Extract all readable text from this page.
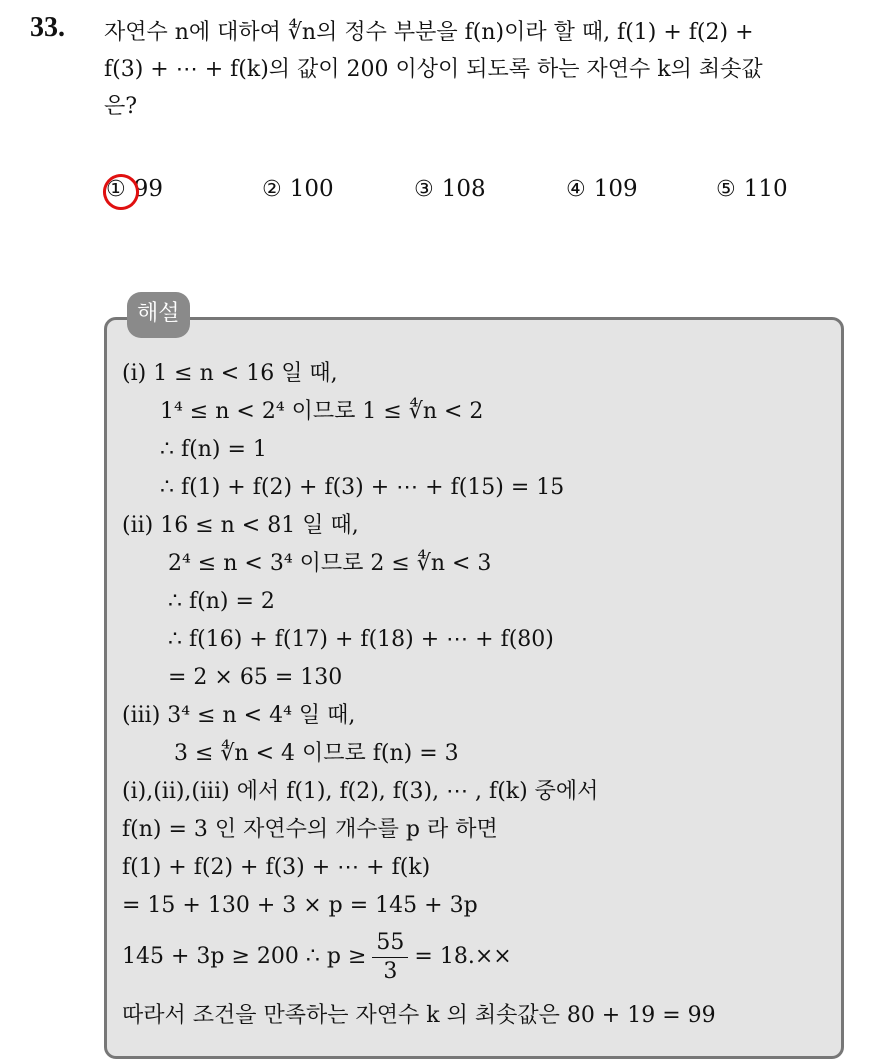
33. 자연수 n에 대하여 ∜n의 정수 부분을 f(n)이라 할 때, f(1) + f(2) +
f(3) + ⋯ + f(k)의 값이 200 이상이 되도록 하는 자연수 k의 최솟값
은?
① 99	② 100	③ 108	④ 109	⑤ 110
해설
(i) 1 ≤ n < 16 일 때,
1⁴ ≤ n < 2⁴ 이므로 1 ≤ ∜n < 2
∴ f(n) = 1
∴ f(1) + f(2) + f(3) + ⋯ + f(15) = 15
(ii) 16 ≤ n < 81 일 때,
2⁴ ≤ n < 3⁴ 이므로 2 ≤ ∜n < 3
∴ f(n) = 2
∴ f(16) + f(17) + f(18) + ⋯ + f(80)
= 2 × 65 = 130
(iii) 3⁴ ≤ n < 4⁴ 일 때,
3 ≤ ∜n < 4 이므로 f(n) = 3
(i),(ii),(iii) 에서 f(1), f(2), f(3), ⋯ , f(k) 중에서
f(n) = 3 인 자연수의 개수를 p 라 하면
f(1) + f(2) + f(3) + ⋯ + f(k)
= 15 + 130 + 3 × p = 145 + 3p
145 + 3p ≥ 200 ∴ $p \ge \frac{55}{3} = 18.\times\times$
따라서 조건을 만족하는 자연수 k 의 최솟값은 80 + 19 = 99
